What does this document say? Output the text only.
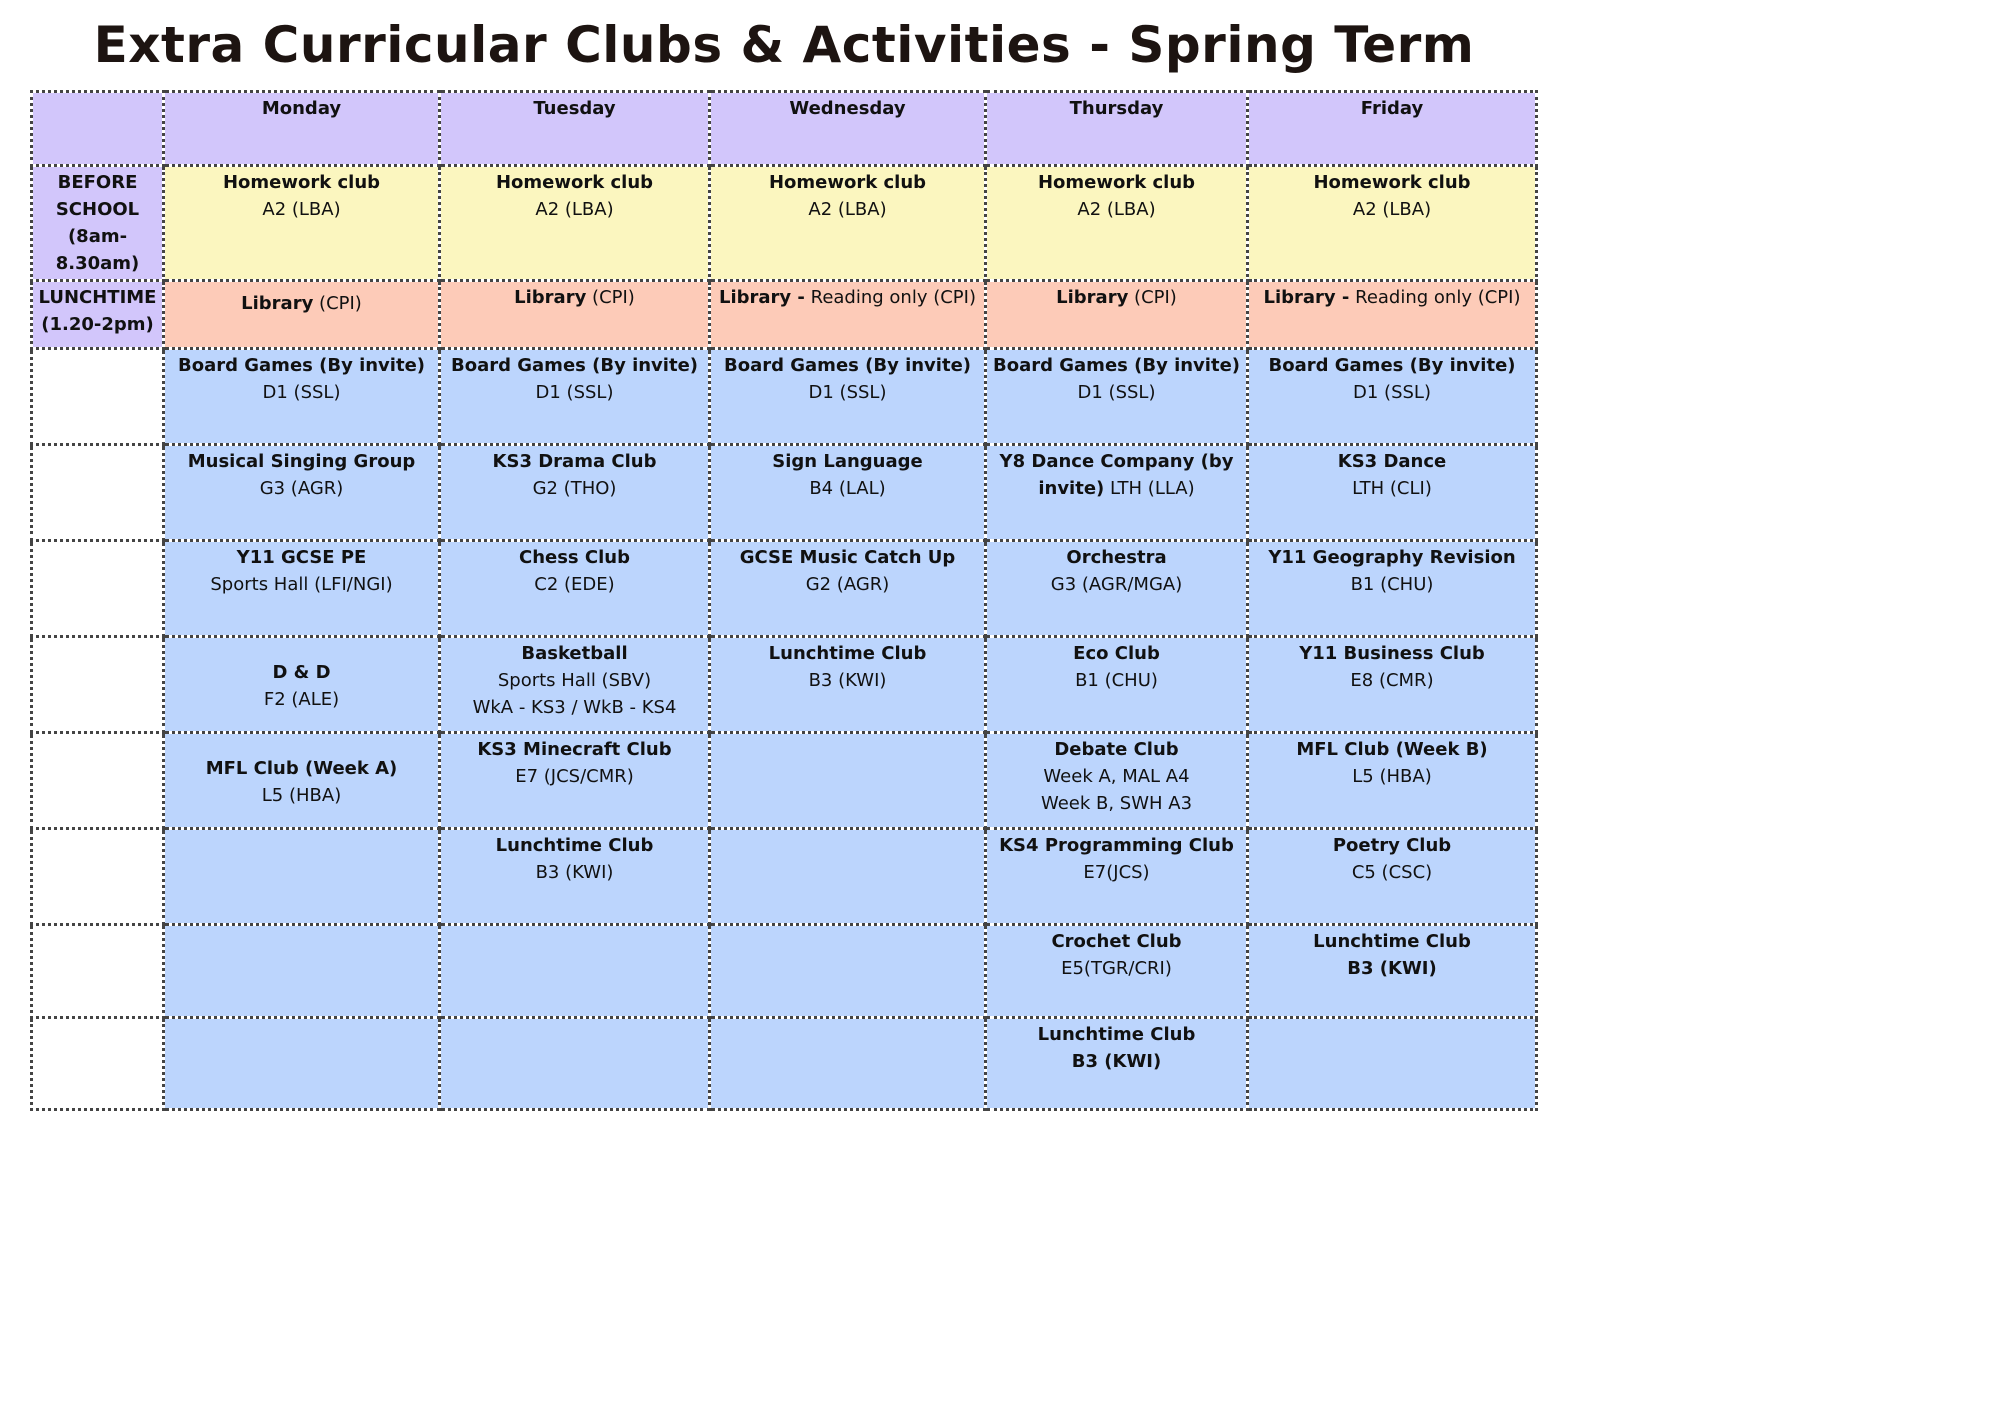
Extra Curricular Clubs & Activities - Spring Term
	Monday	Tuesday	Wednesday	Thursday	Friday

BEFORE
SCHOOL
(8am-
8.30am)	Homework club
A2 (LBA)	Homework club
A2 (LBA)	Homework club
A2 (LBA)	Homework club
A2 (LBA)	Homework club
A2 (LBA)

LUNCHTIME
(1.20-2pm)	Library (CPI)	Library (CPI)	Library - Reading only (CPI)	Library (CPI)	Library - Reading only (CPI)

	Board Games (By invite)
D1 (SSL)	Board Games (By invite)
D1 (SSL)	Board Games (By invite)
D1 (SSL)	Board Games (By invite)
D1 (SSL)	Board Games (By invite)
D1 (SSL)

	Musical Singing Group
G3 (AGR)	KS3 Drama Club
G2 (THO)	Sign Language
B4 (LAL)	Y8 Dance Company (by
invite) LTH (LLA)	KS3 Dance
LTH (CLI)

	Y11 GCSE PE
Sports Hall (LFI/NGI)	Chess Club
C2 (EDE)	GCSE Music Catch Up
G2 (AGR)	Orchestra
G3 (AGR/MGA)	Y11 Geography Revision
B1 (CHU)

	D & D
F2 (ALE)	Basketball
Sports Hall (SBV)
WkA - KS3 / WkB - KS4	Lunchtime Club
B3 (KWI)	Eco Club
B1 (CHU)	Y11 Business Club
E8 (CMR)

	MFL Club (Week A)
L5 (HBA)	KS3 Minecraft Club
E7 (JCS/CMR)		Debate Club
Week A, MAL A4
Week B, SWH A3	MFL Club (Week B)
L5 (HBA)

		Lunchtime Club
B3 (KWI)		KS4 Programming Club
E7(JCS)	Poetry Club
C5 (CSC)

				Crochet Club
E5(TGR/CRI)	Lunchtime Club
B3 (KWI)

				Lunchtime Club
B3 (KWI)	
